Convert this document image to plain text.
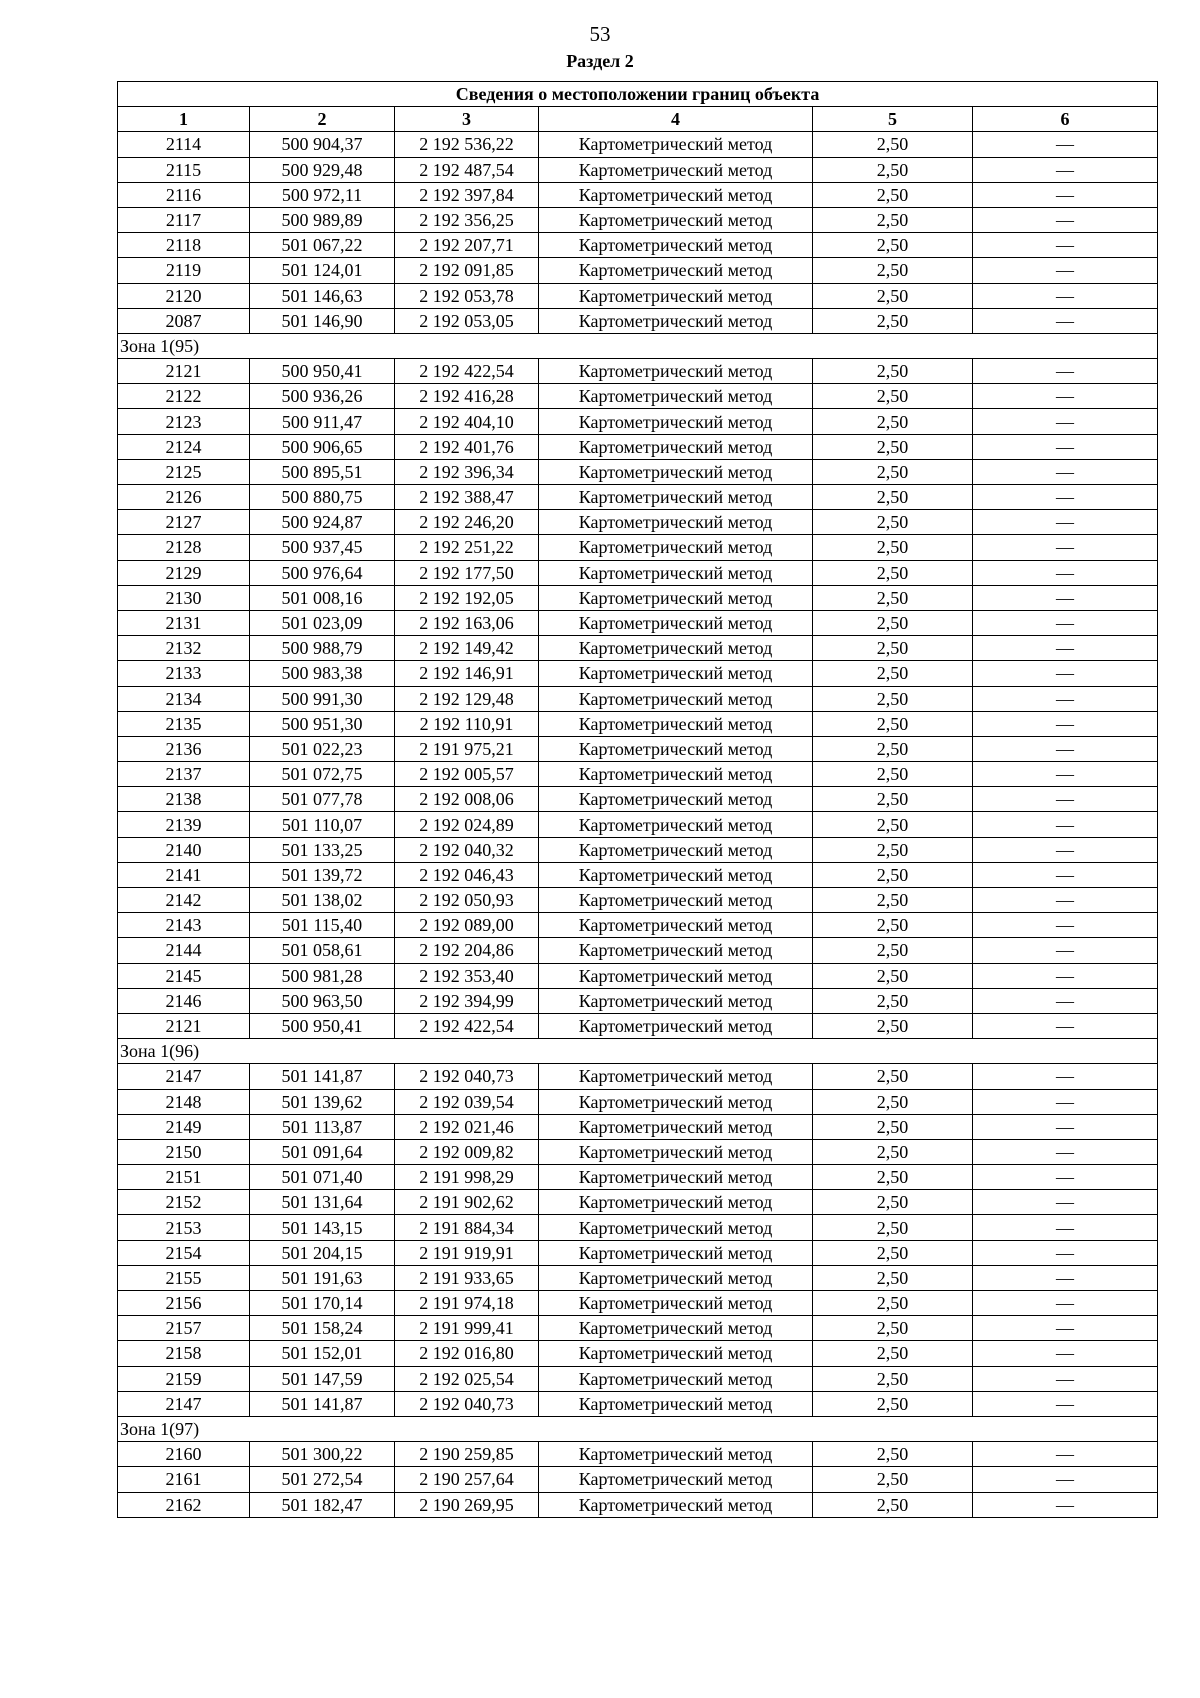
53
Раздел 2
Сведения о местоположении границ объекта					
1	2	3	4	5	6
2114	500 904,37	2 192 536,22	Картометрический метод	2,50	—
2115	500 929,48	2 192 487,54	Картометрический метод	2,50	—
2116	500 972,11	2 192 397,84	Картометрический метод	2,50	—
2117	500 989,89	2 192 356,25	Картометрический метод	2,50	—
2118	501 067,22	2 192 207,71	Картометрический метод	2,50	—
2119	501 124,01	2 192 091,85	Картометрический метод	2,50	—
2120	501 146,63	2 192 053,78	Картометрический метод	2,50	—
2087	501 146,90	2 192 053,05	Картометрический метод	2,50	—
Зона 1(95)					
2121	500 950,41	2 192 422,54	Картометрический метод	2,50	—
2122	500 936,26	2 192 416,28	Картометрический метод	2,50	—
2123	500 911,47	2 192 404,10	Картометрический метод	2,50	—
2124	500 906,65	2 192 401,76	Картометрический метод	2,50	—
2125	500 895,51	2 192 396,34	Картометрический метод	2,50	—
2126	500 880,75	2 192 388,47	Картометрический метод	2,50	—
2127	500 924,87	2 192 246,20	Картометрический метод	2,50	—
2128	500 937,45	2 192 251,22	Картометрический метод	2,50	—
2129	500 976,64	2 192 177,50	Картометрический метод	2,50	—
2130	501 008,16	2 192 192,05	Картометрический метод	2,50	—
2131	501 023,09	2 192 163,06	Картометрический метод	2,50	—
2132	500 988,79	2 192 149,42	Картометрический метод	2,50	—
2133	500 983,38	2 192 146,91	Картометрический метод	2,50	—
2134	500 991,30	2 192 129,48	Картометрический метод	2,50	—
2135	500 951,30	2 192 110,91	Картометрический метод	2,50	—
2136	501 022,23	2 191 975,21	Картометрический метод	2,50	—
2137	501 072,75	2 192 005,57	Картометрический метод	2,50	—
2138	501 077,78	2 192 008,06	Картометрический метод	2,50	—
2139	501 110,07	2 192 024,89	Картометрический метод	2,50	—
2140	501 133,25	2 192 040,32	Картометрический метод	2,50	—
2141	501 139,72	2 192 046,43	Картометрический метод	2,50	—
2142	501 138,02	2 192 050,93	Картометрический метод	2,50	—
2143	501 115,40	2 192 089,00	Картометрический метод	2,50	—
2144	501 058,61	2 192 204,86	Картометрический метод	2,50	—
2145	500 981,28	2 192 353,40	Картометрический метод	2,50	—
2146	500 963,50	2 192 394,99	Картометрический метод	2,50	—
2121	500 950,41	2 192 422,54	Картометрический метод	2,50	—
Зона 1(96)					
2147	501 141,87	2 192 040,73	Картометрический метод	2,50	—
2148	501 139,62	2 192 039,54	Картометрический метод	2,50	—
2149	501 113,87	2 192 021,46	Картометрический метод	2,50	—
2150	501 091,64	2 192 009,82	Картометрический метод	2,50	—
2151	501 071,40	2 191 998,29	Картометрический метод	2,50	—
2152	501 131,64	2 191 902,62	Картометрический метод	2,50	—
2153	501 143,15	2 191 884,34	Картометрический метод	2,50	—
2154	501 204,15	2 191 919,91	Картометрический метод	2,50	—
2155	501 191,63	2 191 933,65	Картометрический метод	2,50	—
2156	501 170,14	2 191 974,18	Картометрический метод	2,50	—
2157	501 158,24	2 191 999,41	Картометрический метод	2,50	—
2158	501 152,01	2 192 016,80	Картометрический метод	2,50	—
2159	501 147,59	2 192 025,54	Картометрический метод	2,50	—
2147	501 141,87	2 192 040,73	Картометрический метод	2,50	—
Зона 1(97)					
2160	501 300,22	2 190 259,85	Картометрический метод	2,50	—
2161	501 272,54	2 190 257,64	Картометрический метод	2,50	—
2162	501 182,47	2 190 269,95	Картометрический метод	2,50	—
